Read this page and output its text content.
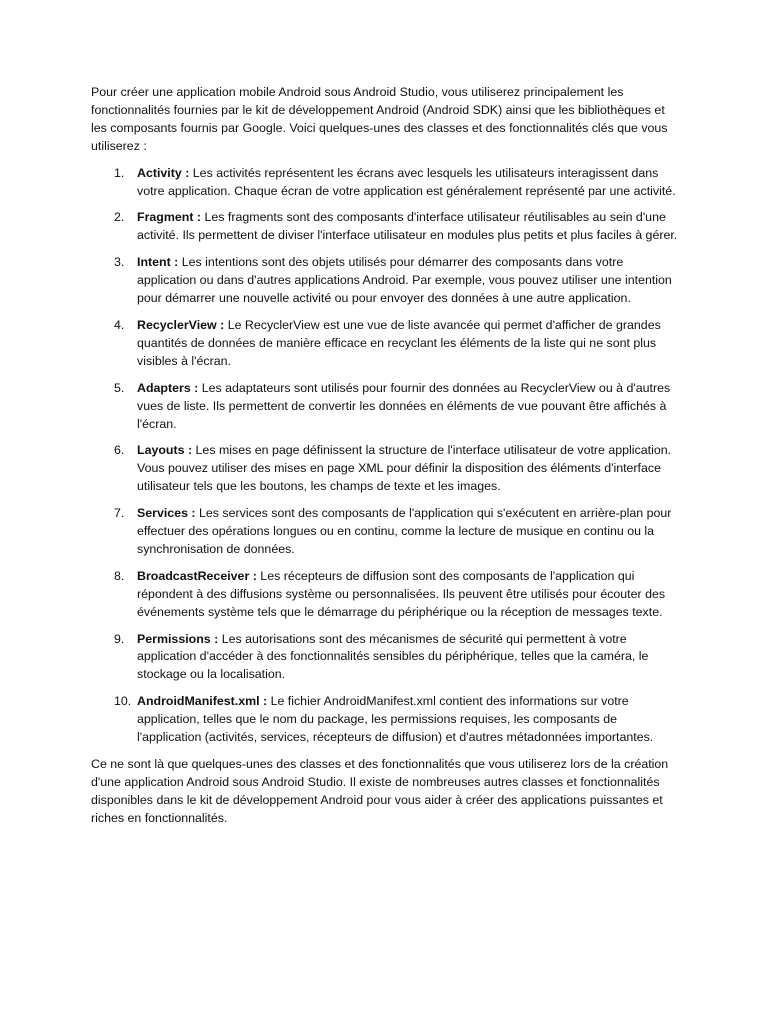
Pour créer une application mobile Android sous Android Studio, vous utiliserez principalement les fonctionnalités fournies par le kit de développement Android (Android SDK) ainsi que les bibliothèques et les composants fournis par Google. Voici quelques-unes des classes et des fonctionnalités clés que vous utiliserez :

1.	Activity : Les activités représentent les écrans avec lesquels les utilisateurs interagissent dans votre application. Chaque écran de votre application est généralement représenté par une activité.
2.	Fragment : Les fragments sont des composants d'interface utilisateur réutilisables au sein d'une activité. Ils permettent de diviser l'interface utilisateur en modules plus petits et plus faciles à gérer.
3.	Intent : Les intentions sont des objets utilisés pour démarrer des composants dans votre application ou dans d'autres applications Android. Par exemple, vous pouvez utiliser une intention pour démarrer une nouvelle activité ou pour envoyer des données à une autre application.
4.	RecyclerView : Le RecyclerView est une vue de liste avancée qui permet d'afficher de grandes quantités de données de manière efficace en recyclant les éléments de la liste qui ne sont plus visibles à l'écran.
5.	Adapters : Les adaptateurs sont utilisés pour fournir des données au RecyclerView ou à d'autres vues de liste. Ils permettent de convertir les données en éléments de vue pouvant être affichés à l'écran.
6.	Layouts : Les mises en page définissent la structure de l'interface utilisateur de votre application. Vous pouvez utiliser des mises en page XML pour définir la disposition des éléments d'interface utilisateur tels que les boutons, les champs de texte et les images.
7.	Services : Les services sont des composants de l'application qui s'exécutent en arrière-plan pour effectuer des opérations longues ou en continu, comme la lecture de musique en continu ou la synchronisation de données.
8.	BroadcastReceiver : Les récepteurs de diffusion sont des composants de l'application qui répondent à des diffusions système ou personnalisées. Ils peuvent être utilisés pour écouter des événements système tels que le démarrage du périphérique ou la réception de messages texte.
9.	Permissions : Les autorisations sont des mécanismes de sécurité qui permettent à votre application d'accéder à des fonctionnalités sensibles du périphérique, telles que la caméra, le stockage ou la localisation.
10. AndroidManifest.xml : Le fichier AndroidManifest.xml contient des informations sur votre application, telles que le nom du package, les permissions requises, les composants de l'application (activités, services, récepteurs de diffusion) et d'autres métadonnées importantes.

Ce ne sont là que quelques-unes des classes et des fonctionnalités que vous utiliserez lors de la création d'une application Android sous Android Studio. Il existe de nombreuses autres classes et fonctionnalités disponibles dans le kit de développement Android pour vous aider à créer des applications puissantes et riches en fonctionnalités.
